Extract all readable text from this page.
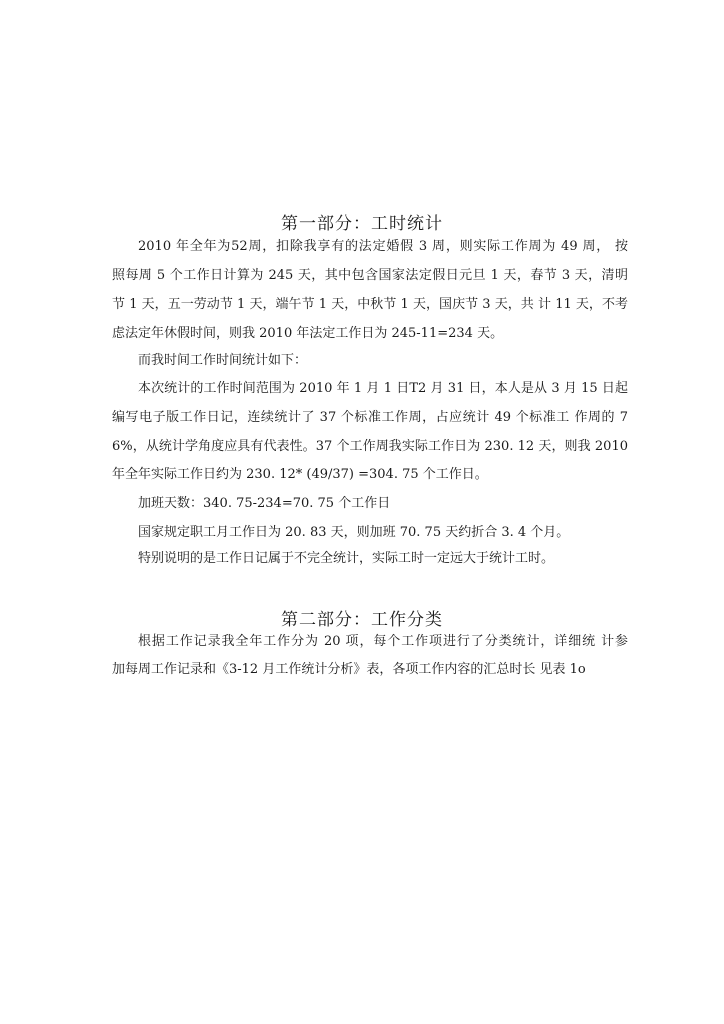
第一部分：工时统计
2010 年全年为52周，扣除我享有的法定婚假 3 周，则实际工作周为 49 周， 按
照每周 5 个工作日计算为 245 天，其中包含国家法定假日元旦 1 天，春节 3 天，清明
节 1 天，五一劳动节 1 天，端午节 1 天，中秋节 1 天，国庆节 3 天，共 计 11 天，不考
虑法定年休假时间，则我 2010 年法定工作日为 245-11=234 天。
而我时间工作时间统计如下：
本次统计的工作时间范围为 2010 年 1 月 1 日T2 月 31 日，本人是从 3 月 15 日起
编写电子版工作日记，连续统计了 37 个标准工作周，占应统计 49 个标准工 作周的 7
6%，从统计学角度应具有代表性。37 个工作周我实际工作日为 230. 12 天，则我 2010
年全年实际工作日约为 230. 12* (49/37) =304. 75 个工作日。
加班天数：340. 75-234=70. 75 个工作日
国家规定职工月工作日为 20. 83 天，则加班 70. 75 天约折合 3. 4 个月。
特别说明的是工作日记属于不完全统计，实际工时一定远大于统计工时。
第二部分：工作分类
根据工作记录我全年工作分为 20 项，每个工作项进行了分类统计，详细统 计参
加每周工作记录和《3-12 月工作统计分析》表，各项工作内容的汇总时长 见表 1o
